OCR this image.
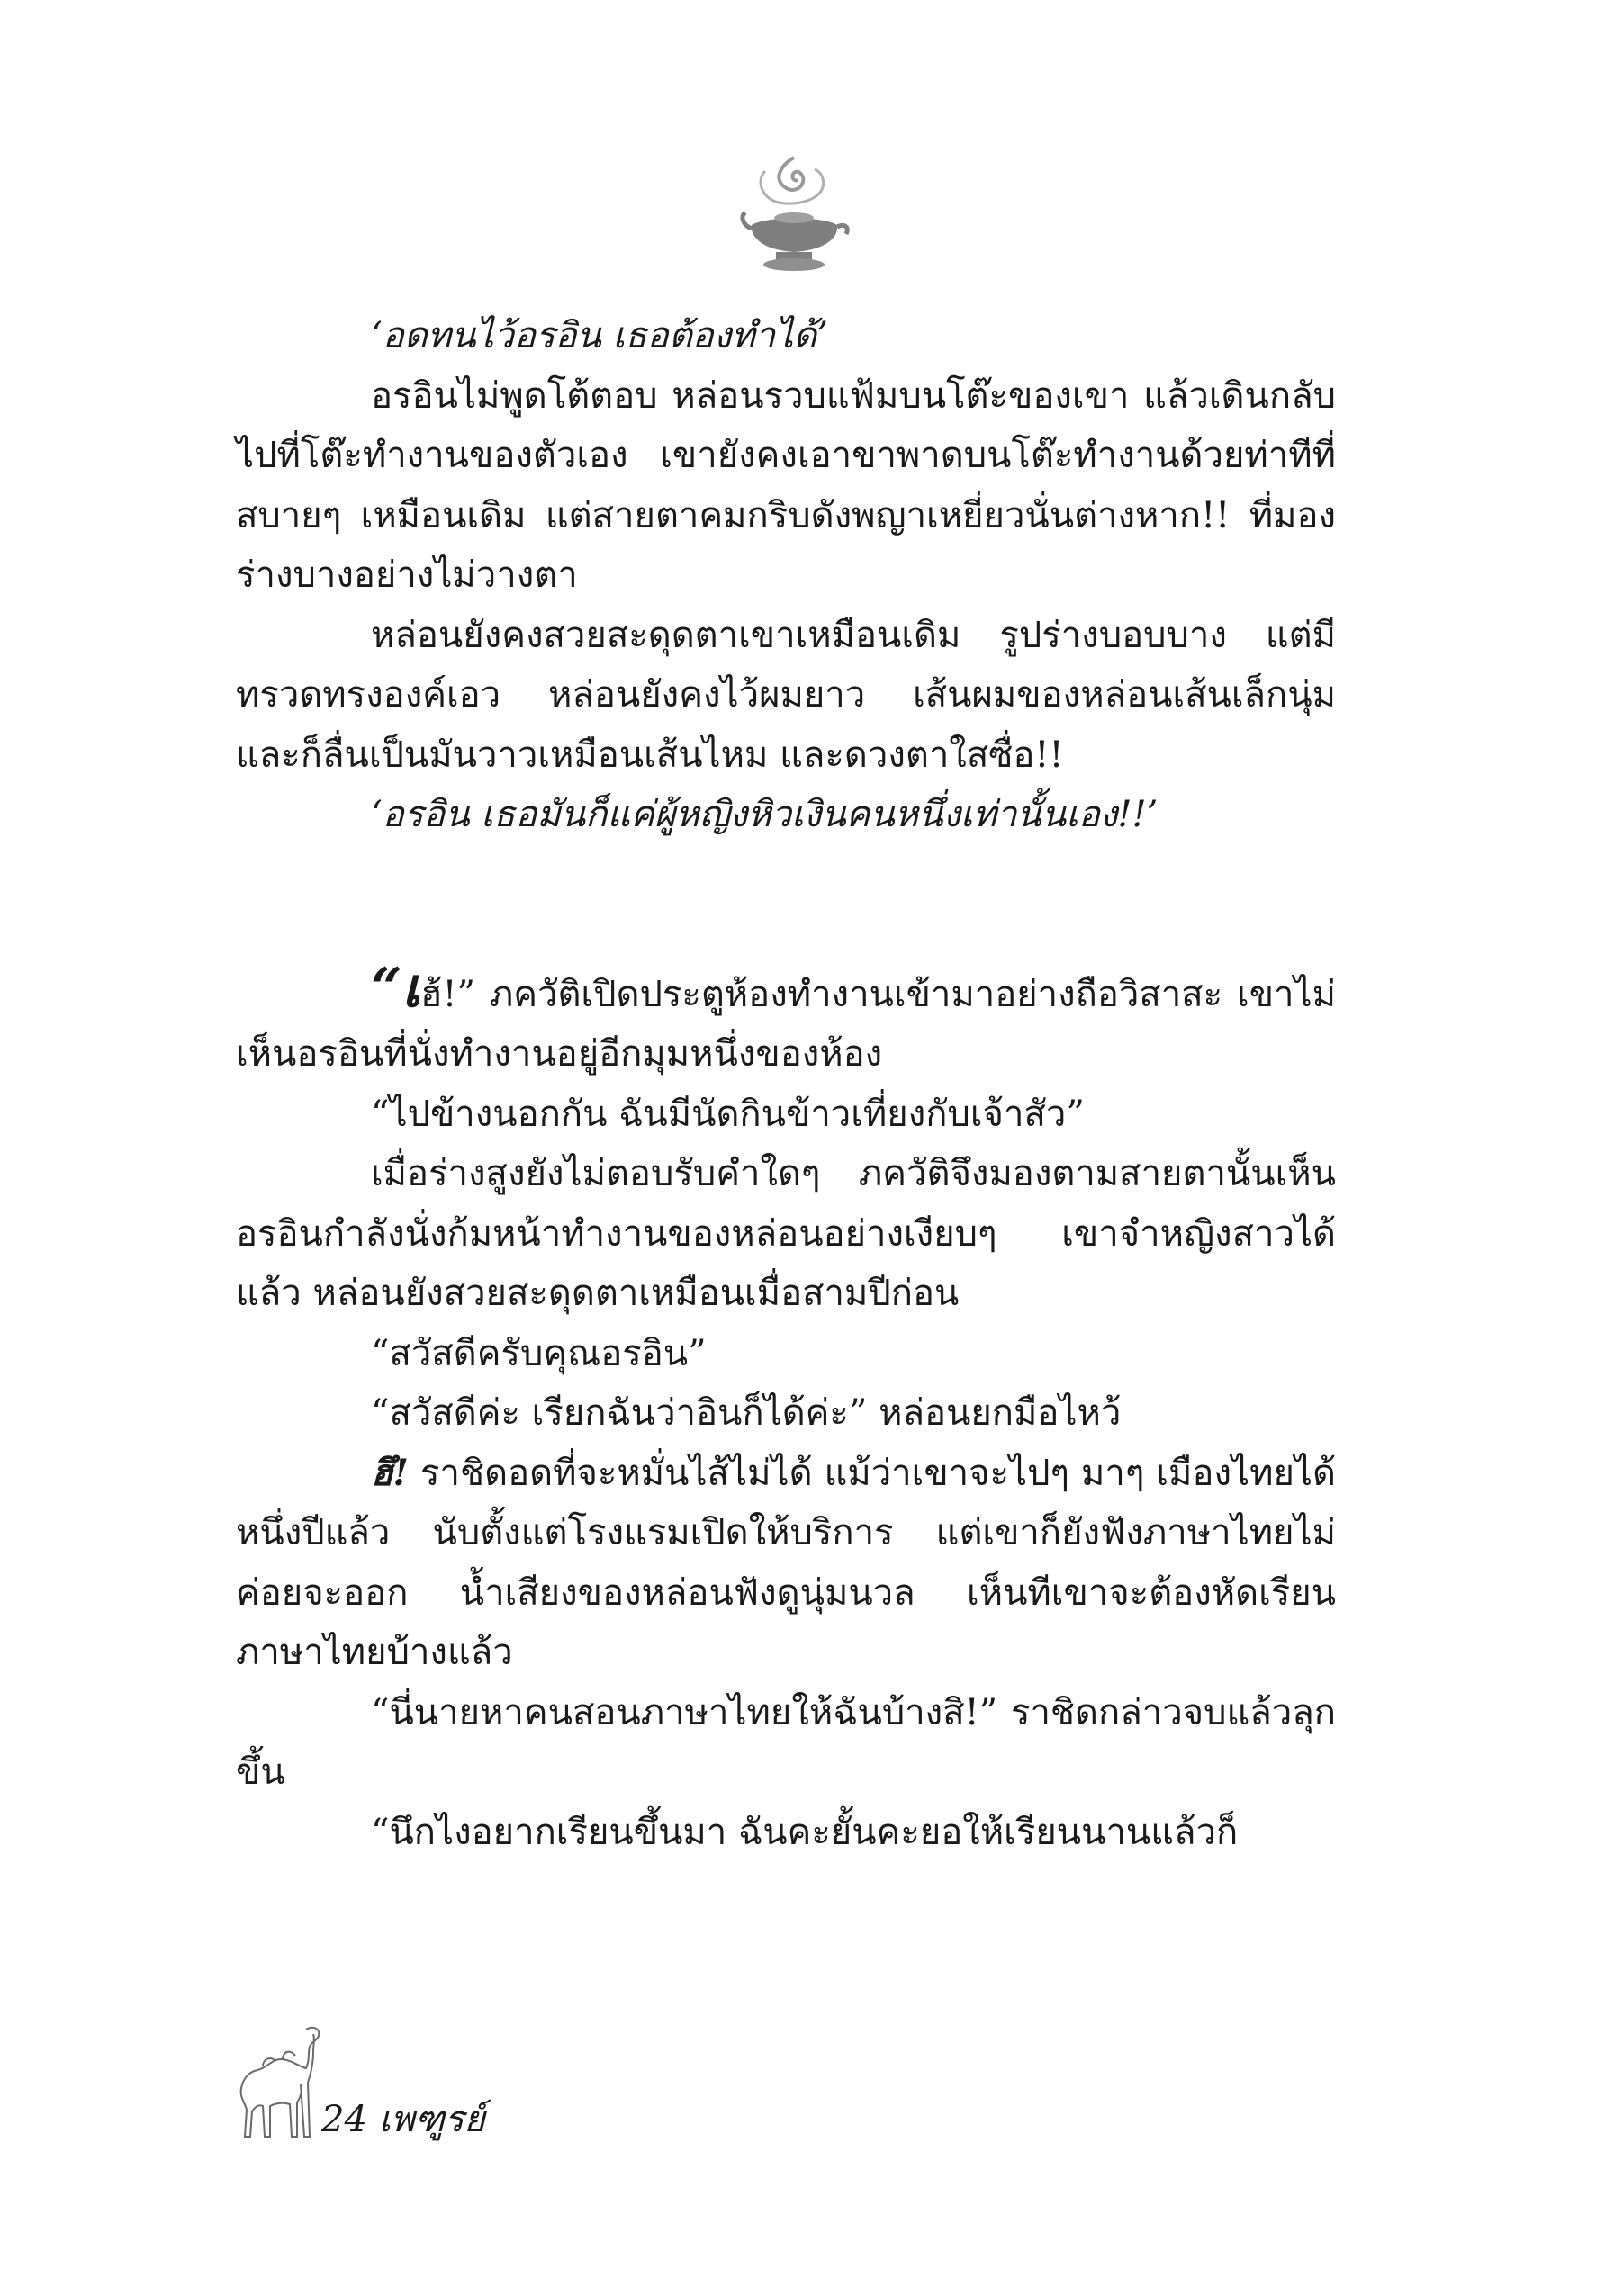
‘อดทนไว้อรอิน เธอต้องทำได้’

อรอินไม่พูดโต้ตอบ หล่อนรวบแฟ้มบนโต๊ะของเขา แล้วเดินกลับไปที่โต๊ะทำงานของตัวเอง เขายังคงเอาขาพาดบนโต๊ะทำงานด้วยท่าทีที่สบายๆ เหมือนเดิม แต่สายตาคมกริบดังพญาเหยี่ยวนั่นต่างหาก!! ที่มองร่างบางอย่างไม่วางตา

หล่อนยังคงสวยสะดุดตาเขาเหมือนเดิม รูปร่างบอบบาง แต่มีทรวดทรงองค์เอว หล่อนยังคงไว้ผมยาว เส้นผมของหล่อนเส้นเล็กนุ่ม และก็ลื่นเป็นมันวาวเหมือนเส้นไหม และดวงตาใสซื่อ!!

‘อรอิน เธอมันก็แค่ผู้หญิงหิวเงินคนหนึ่งเท่านั้นเอง!!’

“เฮ้!” ภควัติเปิดประตูห้องทำงานเข้ามาอย่างถือวิสาสะ เขาไม่เห็นอรอินที่นั่งทำงานอยู่อีกมุมหนึ่งของห้อง

“ไปข้างนอกกัน ฉันมีนัดกินข้าวเที่ยงกับเจ้าสัว”

เมื่อร่างสูงยังไม่ตอบรับคำใดๆ ภควัติจึงมองตามสายตานั้นเห็นอรอินกำลังนั่งก้มหน้าทำงานของหล่อนอย่างเงียบๆ เขาจำหญิงสาวได้แล้ว หล่อนยังสวยสะดุดตาเหมือนเมื่อสามปีก่อน

“สวัสดีครับคุณอรอิน”

“สวัสดีค่ะ เรียกฉันว่าอินก็ได้ค่ะ” หล่อนยกมือไหว้

ฮึ! ราชิดอดที่จะหมั่นไส้ไม่ได้ แม้ว่าเขาจะไปๆ มาๆ เมืองไทยได้หนึ่งปีแล้ว นับตั้งแต่โรงแรมเปิดให้บริการ แต่เขาก็ยังฟังภาษาไทยไม่ค่อยจะออก น้ำเสียงของหล่อนฟังดูนุ่มนวล เห็นทีเขาจะต้องหัดเรียนภาษาไทยบ้างแล้ว

“นี่นายหาคนสอนภาษาไทยให้ฉันบ้างสิ!” ราชิดกล่าวจบแล้วลุกขึ้น

“นึกไงอยากเรียนขึ้นมา ฉันคะยั้นคะยอให้เรียนนานแล้วก็

24 เพฑูรย์
